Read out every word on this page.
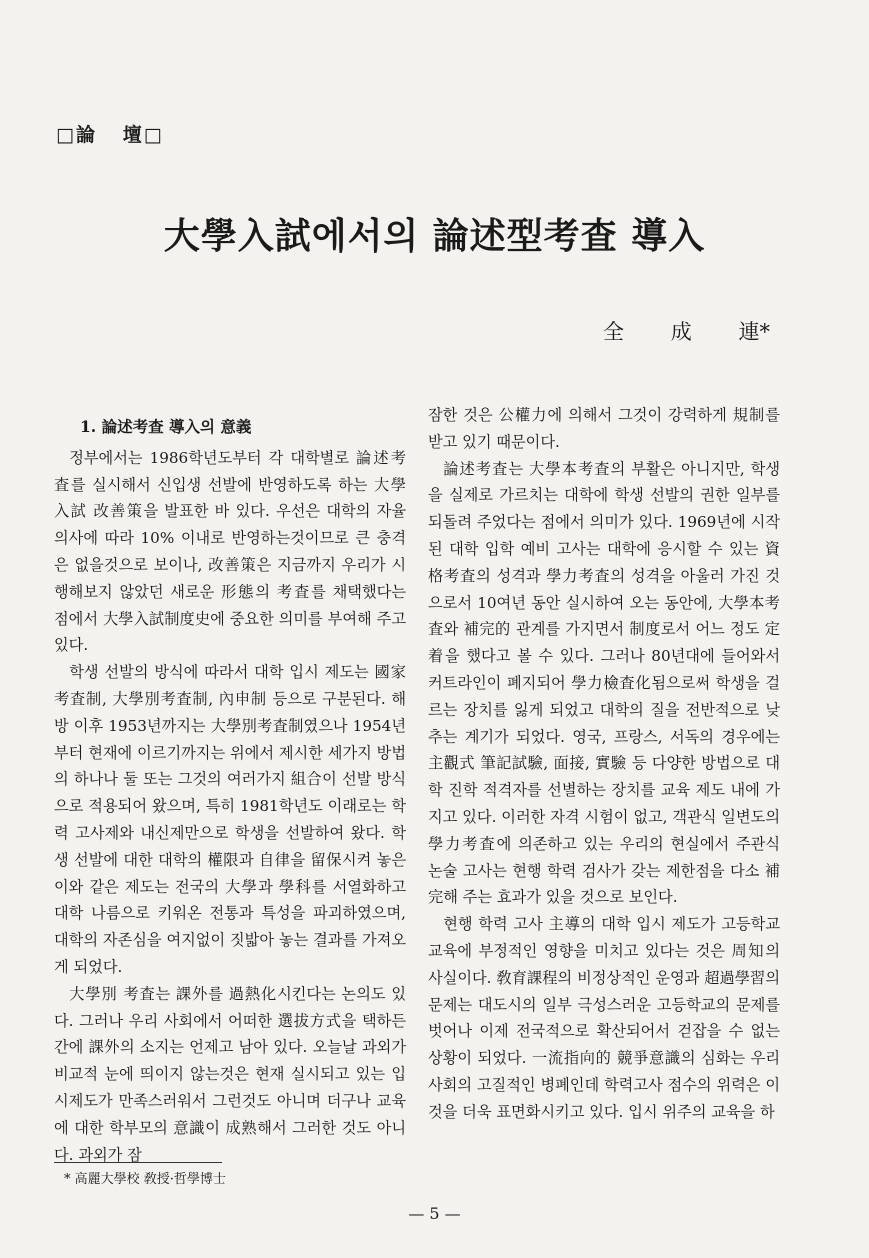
□論   壇□
大學入試에서의 論述型考査 導入
全       成       連*
1. 論述考查 導入의 意義

정부에서는 1986학년도부터 각 대학별로 論述考査를 실시해서 신입생 선발에 반영하도록 하는 大學入試 改善策을 발표한 바 있다. 우선은 대학의 자율 의사에 따라 10% 이내로 반영하는것이므로 큰 충격은 없을것으로 보이나, 改善策은 지금까지 우리가 시행해보지 않았던 새로운 形態의 考査를 채택했다는 점에서 大學入試制度史에 중요한 의미를 부여해 주고 있다.

학생 선발의 방식에 따라서 대학 입시 제도는 國家考査制, 大學別考査制, 內申制 등으로 구분된다. 해방 이후 1953년까지는 大學別考査制였으나 1954년부터 현재에 이르기까지는 위에서 제시한 세가지 방법의 하나나 둘 또는 그것의 여러가지 組合이 선발 방식으로 적용되어 왔으며, 특히 1981학년도 이래로는 학력 고사제와 내신제만으로 학생을 선발하여 왔다. 학생 선발에 대한 대학의 權限과 自律을 留保시켜 놓은 이와 같은 제도는 전국의 大學과 學科를 서열화하고 대학 나름으로 키워온 전통과 특성을 파괴하였으며, 대학의 자존심을 여지없이 짓밟아 놓는 결과를 가져오게 되었다.

大學別 考査는 課外를 過熱化시킨다는 논의도 있다. 그러나 우리 사회에서 어떠한 選拔方式을 택하든간에 課外의 소지는 언제고 남아 있다. 오늘날 과외가 비교적 눈에 띄이지 않는것은 현재 실시되고 있는 입시제도가 만족스러워서 그런것도 아니며 더구나 교육에 대한 학부모의 意識이 成熟해서 그러한 것도 아니다. 과외가 잠

잠한 것은 公權力에 의해서 그것이 강력하게 規制를 받고 있기 때문이다.

論述考査는 大學本考査의 부활은 아니지만, 학생을 실제로 가르치는 대학에 학생 선발의 권한 일부를 되돌려 주었다는 점에서 의미가 있다. 1969년에 시작된 대학 입학 예비 고사는 대학에 응시할 수 있는 資格考査의 성격과 學力考査의 성격을 아울러 가진 것으로서 10여년 동안 실시하여 오는 동안에, 大學本考査와 補完的 관계를 가지면서 制度로서 어느 정도 定着을 했다고 볼 수 있다. 그러나 80년대에 들어와서 커트라인이 폐지되어 學力檢査化됨으로써 학생을 걸르는 장치를 잃게 되었고 대학의 질을 전반적으로 낮추는 계기가 되었다. 영국, 프랑스, 서독의 경우에는 主觀式 筆記試驗, 面接, 實驗 등 다양한 방법으로 대학 진학 적격자를 선별하는 장치를 교육 제도 내에 가지고 있다. 이러한 자격 시험이 없고, 객관식 일변도의 學力考査에 의존하고 있는 우리의 현실에서 주관식 논술 고사는 현행 학력 검사가 갖는 제한점을 다소 補完해 주는 효과가 있을 것으로 보인다.

현행 학력 고사 主導의 대학 입시 제도가 고등학교 교육에 부정적인 영향을 미치고 있다는 것은 周知의 사실이다. 敎育課程의 비정상적인 운영과 超過學習의 문제는 대도시의 일부 극성스러운 고등학교의 문제를 벗어나 이제 전국적으로 확산되어서 걷잡을 수 없는 상황이 되었다. 一流指向的 競爭意識의 심화는 우리 사회의 고질적인 병폐인데 학력고사 점수의 위력은 이것을 더욱 표면화시키고 있다. 입시 위주의 교육을 하

* 高麗大學校 敎授·哲學博士
— 5 —
